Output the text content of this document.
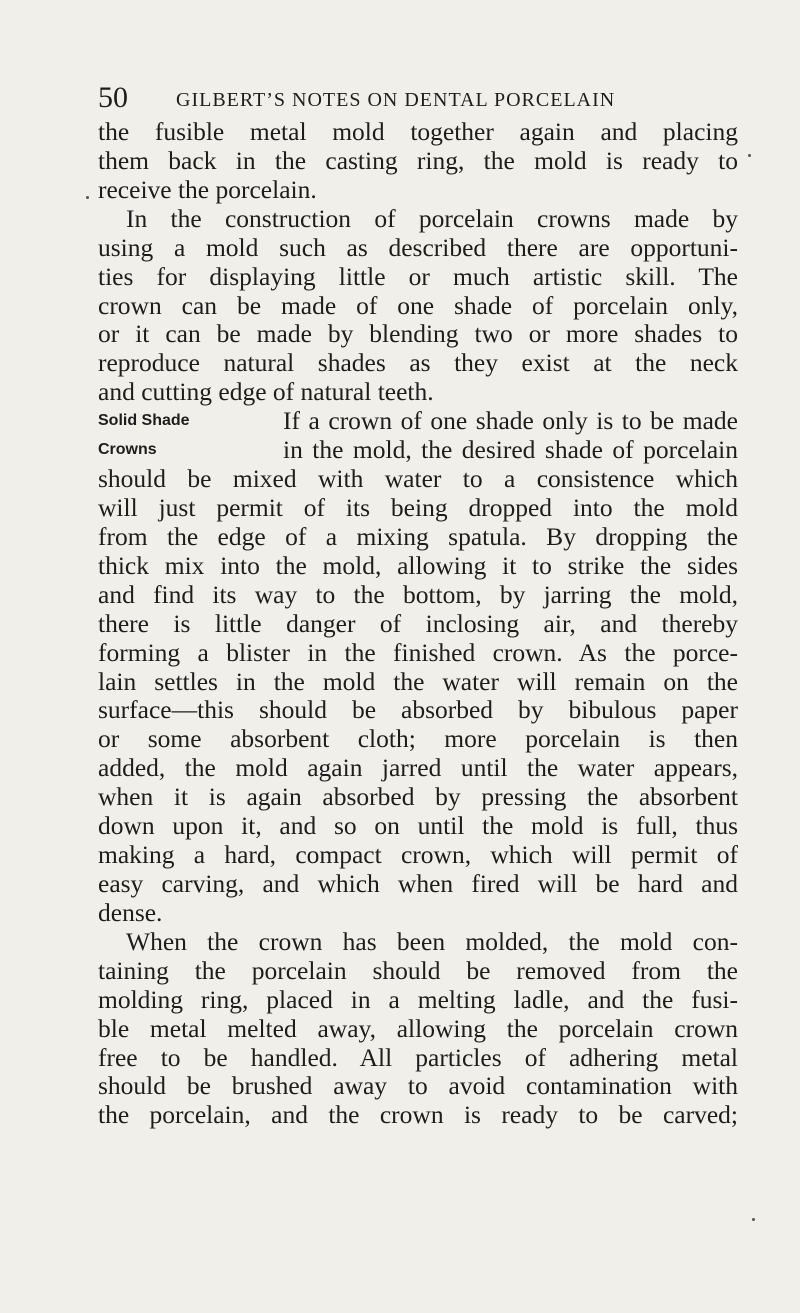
50 GILBERT’S NOTES ON DENTAL PORCELAIN
the fusible metal mold together again and placing
them back in the casting ring, the mold is ready to
receive the porcelain.
In the construction of porcelain crowns made by
using a mold such as described there are opportuni-
ties for displaying little or much artistic skill. The
crown can be made of one shade of porcelain only,
or it can be made by blending two or more shades to
reproduce natural shades as they exist at the neck
and cutting edge of natural teeth.
Solid Shade	If a crown of one shade only is to be made
Crowns	in the mold, the desired shade of porcelain
should be mixed with water to a consistence which
will just permit of its being dropped into the mold
from the edge of a mixing spatula. By dropping the
thick mix into the mold, allowing it to strike the sides
and find its way to the bottom, by jarring the mold,
there is little danger of inclosing air, and thereby
forming a blister in the finished crown. As the porce-
lain settles in the mold the water will remain on the
surface—this should be absorbed by bibulous paper
or some absorbent cloth; more porcelain is then
added, the mold again jarred until the water appears,
when it is again absorbed by pressing the absorbent
down upon it, and so on until the mold is full, thus
making a hard, compact crown, which will permit of
easy carving, and which when fired will be hard and
dense.
When the crown has been molded, the mold con-
taining the porcelain should be removed from the
molding ring, placed in a melting ladle, and the fusi-
ble metal melted away, allowing the porcelain crown
free to be handled. All particles of adhering metal
should be brushed away to avoid contamination with
the porcelain, and the crown is ready to be carved;
